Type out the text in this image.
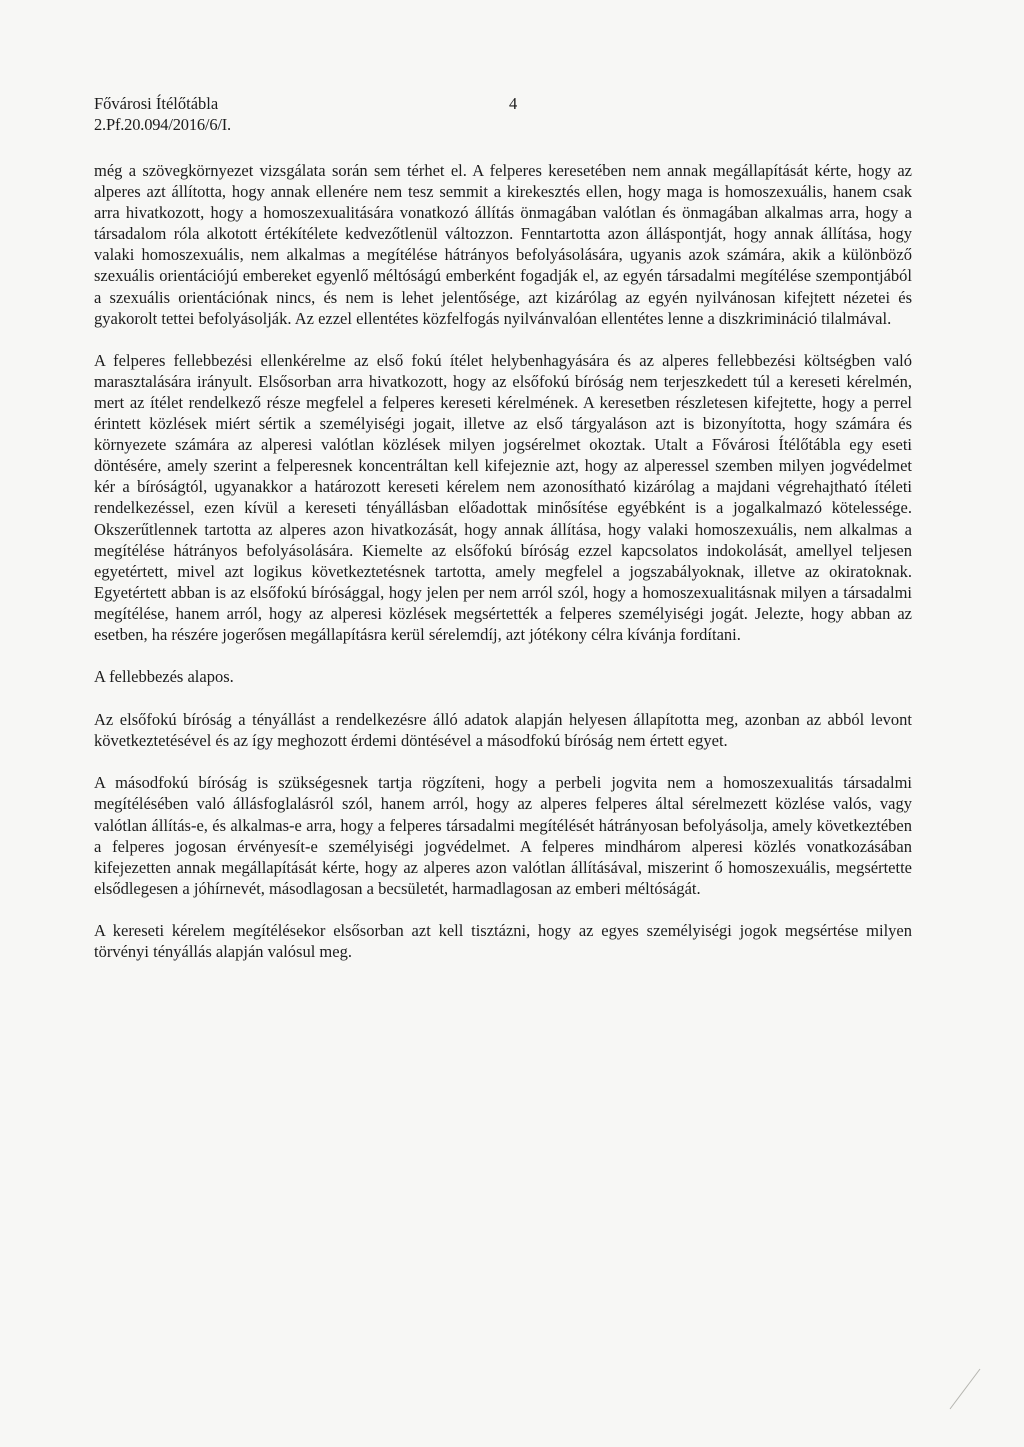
Fővárosi Ítélőtábla	4
2.Pf.20.094/2016/6/I.

még a szövegkörnyezet vizsgálata során sem térhet el. A felperes keresetében nem annak megállapítását kérte, hogy az alperes azt állította, hogy annak ellenére nem tesz semmit a kirekesztés ellen, hogy maga is homoszexuális, hanem csak arra hivatkozott, hogy a homoszexualitására vonatkozó állítás önmagában valótlan és önmagában alkalmas arra, hogy a társadalom róla alkotott értékítélete kedvezőtlenül változzon. Fenntartotta azon álláspontját, hogy annak állítása, hogy valaki homoszexuális, nem alkalmas a megítélése hátrányos befolyásolására, ugyanis azok számára, akik a különböző szexuális orientációjú embereket egyenlő méltóságú emberként fogadják el, az egyén társadalmi megítélése szempontjából a szexuális orientációnak nincs, és nem is lehet jelentősége, azt kizárólag az egyén nyilvánosan kifejtett nézetei és gyakorolt tettei befolyásolják. Az ezzel ellentétes közfelfogás nyilvánvalóan ellentétes lenne a diszkrimináció tilalmával.

A felperes fellebbezési ellenkérelme az első fokú ítélet helybenhagyására és az alperes fellebbezési költségben való marasztalására irányult. Elsősorban arra hivatkozott, hogy az elsőfokú bíróság nem terjeszkedett túl a kereseti kérelmén, mert az ítélet rendelkező része megfelel a felperes kereseti kérelmének. A keresetben részletesen kifejtette, hogy a perrel érintett közlések miért sértik a személyiségi jogait, illetve az első tárgyaláson azt is bizonyította, hogy számára és környezete számára az alperesi valótlan közlések milyen jogsérelmet okoztak. Utalt a Fővárosi Ítélőtábla egy eseti döntésére, amely szerint a felperesnek koncentráltan kell kifejeznie azt, hogy az alperessel szemben milyen jogvédelmet kér a bíróságtól, ugyanakkor a határozott kereseti kérelem nem azonosítható kizárólag a majdani végrehajtható ítéleti rendelkezéssel, ezen kívül a kereseti tényállásban előadottak minősítése egyébként is a jogalkalmazó kötelessége. Okszerűtlennek tartotta az alperes azon hivatkozását, hogy annak állítása, hogy valaki homoszexuális, nem alkalmas a megítélése hátrányos befolyásolására. Kiemelte az elsőfokú bíróság ezzel kapcsolatos indokolását, amellyel teljesen egyetértett, mivel azt logikus következtetésnek tartotta, amely megfelel a jogszabályoknak, illetve az okiratoknak. Egyetértett abban is az elsőfokú bírósággal, hogy jelen per nem arról szól, hogy a homoszexualitásnak milyen a társadalmi megítélése, hanem arról, hogy az alperesi közlések megsértették a felperes személyiségi jogát. Jelezte, hogy abban az esetben, ha részére jogerősen megállapításra kerül sérelemdíj, azt jótékony célra kívánja fordítani.

A fellebbezés alapos.

Az elsőfokú bíróság a tényállást a rendelkezésre álló adatok alapján helyesen állapította meg, azonban az abból levont következtetésével és az így meghozott érdemi döntésével a másodfokú bíróság nem értett egyet.

A másodfokú bíróság is szükségesnek tartja rögzíteni, hogy a perbeli jogvita nem a homoszexualitás társadalmi megítélésében való állásfoglalásról szól, hanem arról, hogy az alperes felperes által sérelmezett közlése valós, vagy valótlan állítás-e, és alkalmas-e arra, hogy a felperes társadalmi megítélését hátrányosan befolyásolja, amely következtében a felperes jogosan érvényesít-e személyiségi jogvédelmet. A felperes mindhárom alperesi közlés vonatkozásában kifejezetten annak megállapítását kérte, hogy az alperes azon valótlan állításával, miszerint ő homoszexuális, megsértette elsődlegesen a jóhírnevét, másodlagosan a becsületét, harmadlagosan az emberi méltóságát.

A kereseti kérelem megítélésekor elsősorban azt kell tisztázni, hogy az egyes személyiségi jogok megsértése milyen törvényi tényállás alapján valósul meg.
